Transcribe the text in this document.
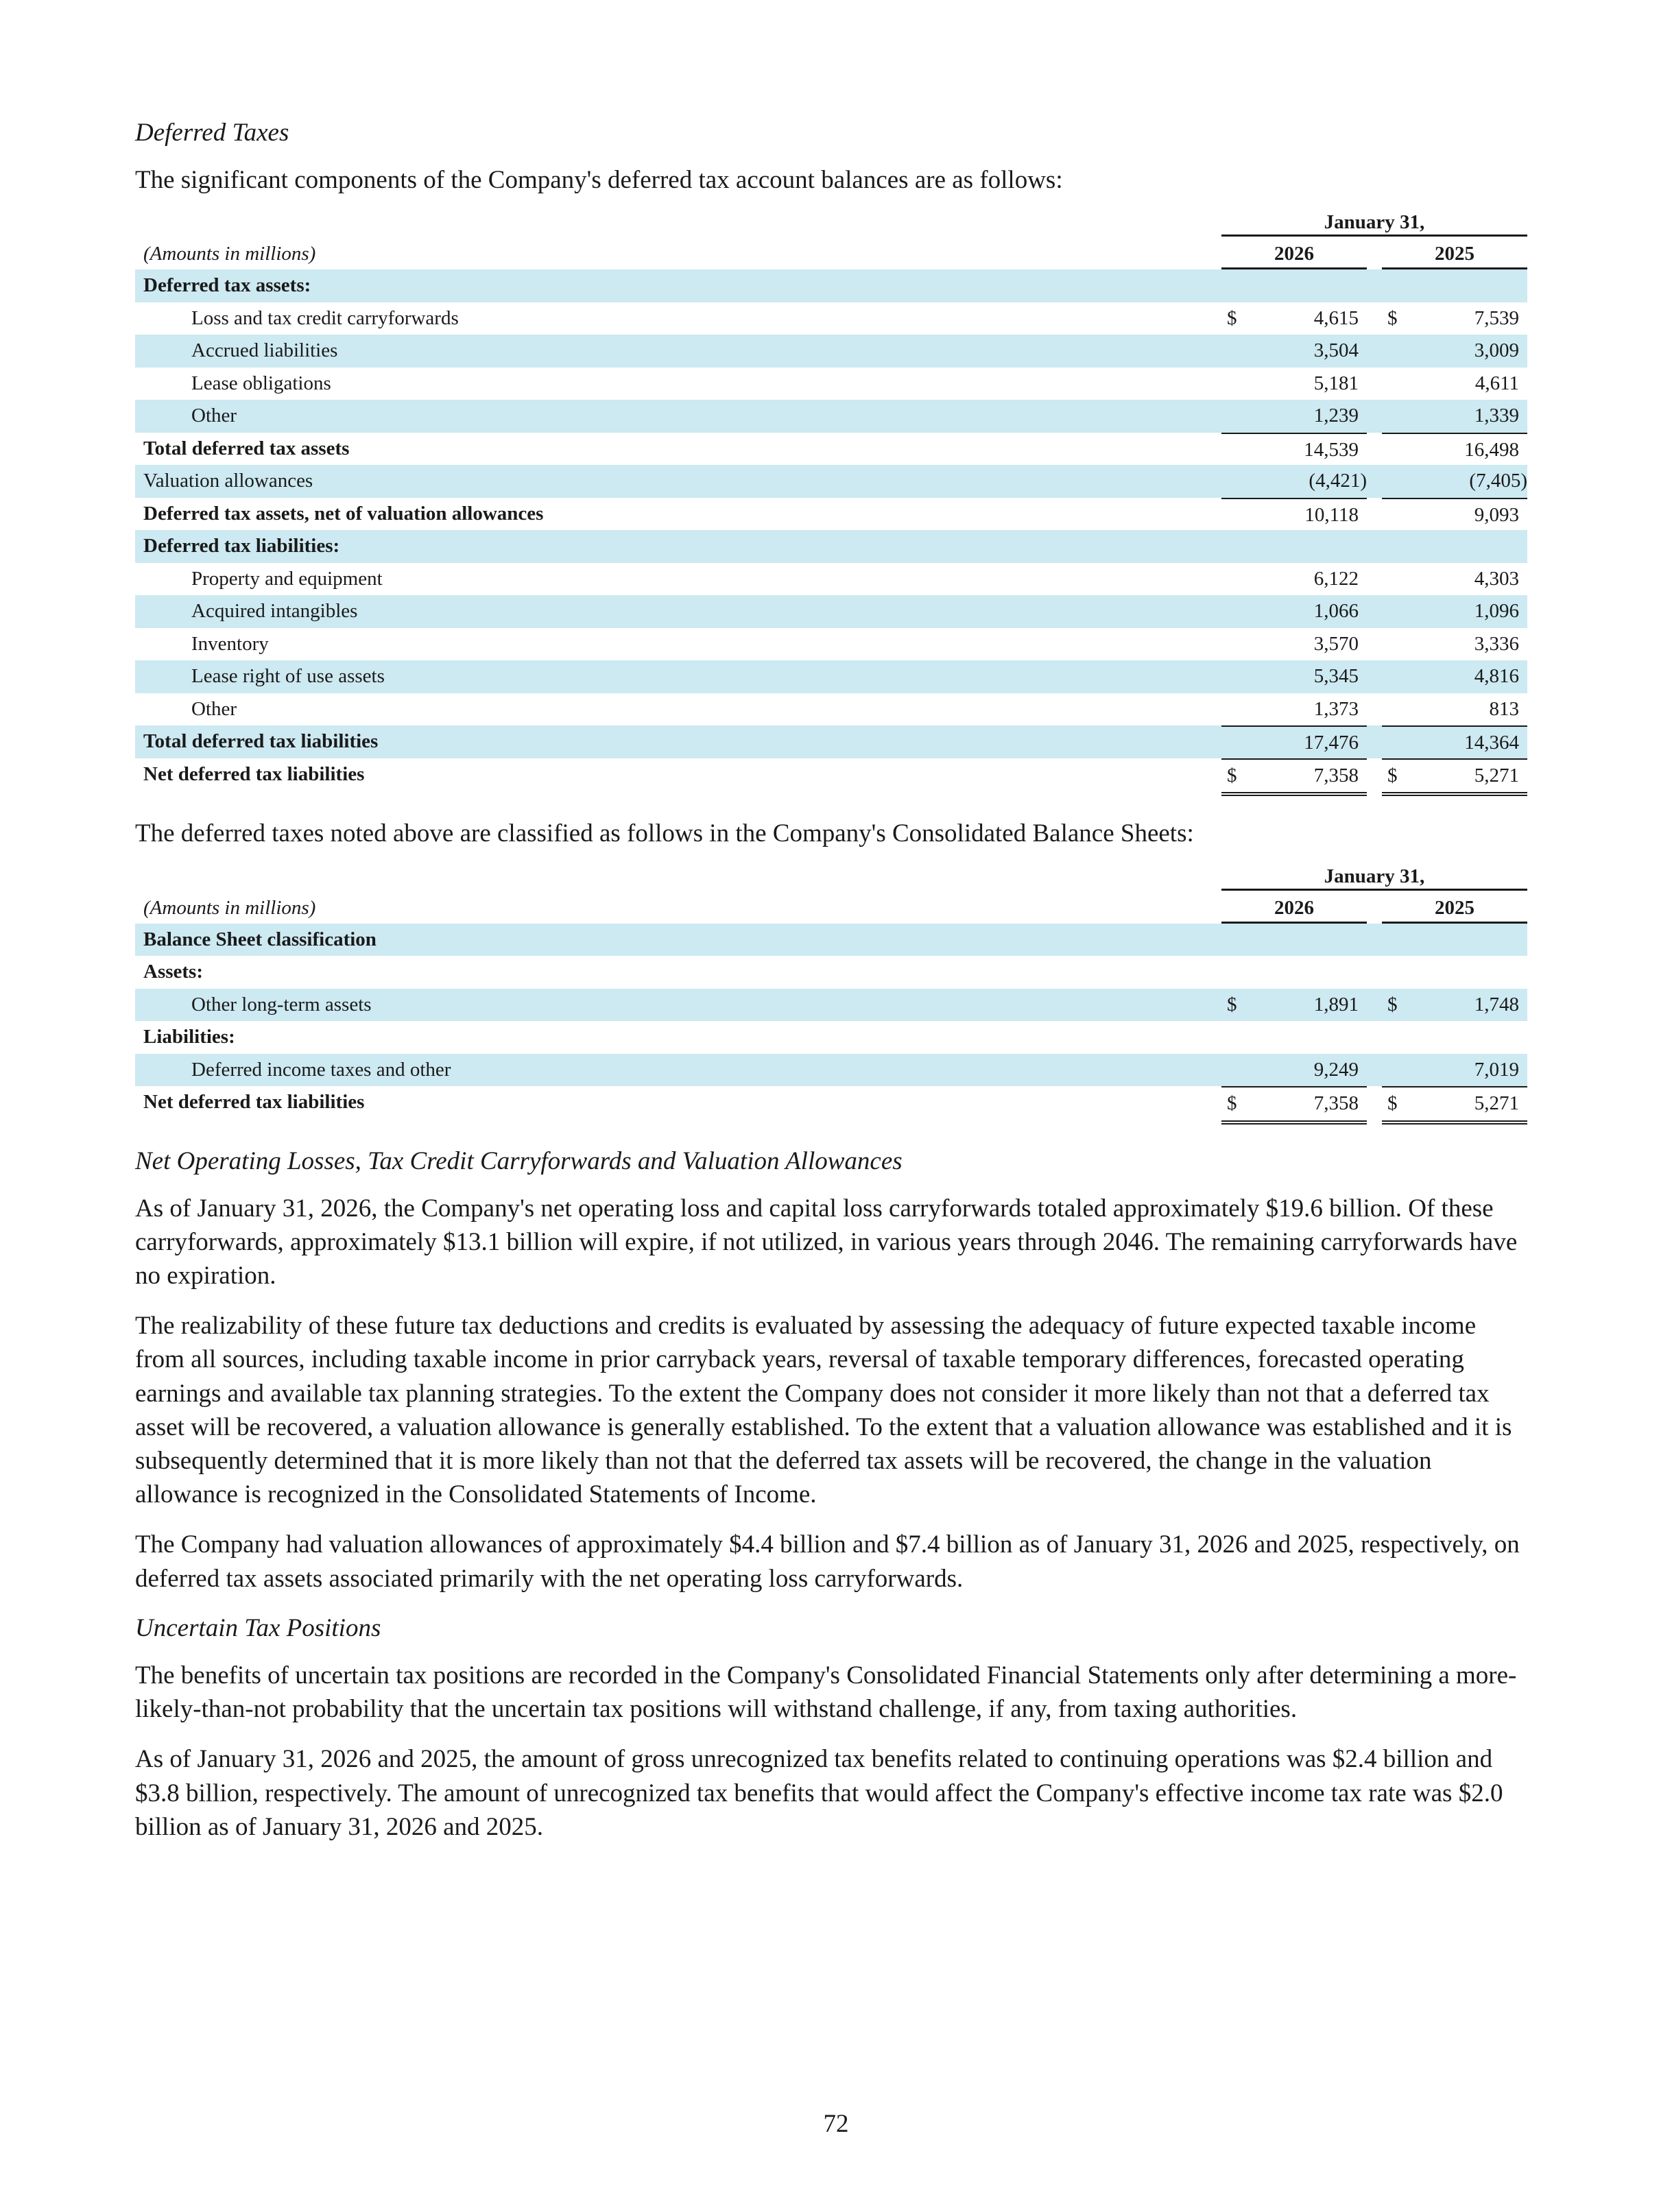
Deferred Taxes
The significant components of the Company's deferred tax account balances are as follows:
January 31,
(Amounts in millions)	2026	2025
Deferred tax assets:
Loss and tax credit carryforwards	$	4,615 $	7,539
Accrued liabilities	3,504	3,009
Lease obligations	5,181	4,611
Other	1,239	1,339
Total deferred tax assets	14,539	16,498
Valuation allowances	(4,421)	(7,405)
Deferred tax assets, net of valuation allowances	10,118	9,093
Deferred tax liabilities:
Property and equipment	6,122	4,303
Acquired intangibles	1,066	1,096
Inventory	3,570	3,336
Lease right of use assets	5,345	4,816
Other	1,373	813
Total deferred tax liabilities	17,476	14,364
Net deferred tax liabilities	$	7,358 $	5,271
The deferred taxes noted above are classified as follows in the Company's Consolidated Balance Sheets:
January 31,
(Amounts in millions)	2026	2025
Balance Sheet classification
Assets:
Other long-term assets	$	1,891 $	1,748
Liabilities:
Deferred income taxes and other	9,249	7,019
Net deferred tax liabilities	$	7,358 $	5,271
Net Operating Losses, Tax Credit Carryforwards and Valuation Allowances
As of January 31, 2026, the Company's net operating loss and capital loss carryforwards totaled approximately $19.6 billion. Of these carryforwards, approximately $13.1 billion will expire, if not utilized, in various years through 2046. The remaining carryforwards have no expiration.
The realizability of these future tax deductions and credits is evaluated by assessing the adequacy of future expected taxable income from all sources, including taxable income in prior carryback years, reversal of taxable temporary differences, forecasted operating earnings and available tax planning strategies. To the extent the Company does not consider it more likely than not that a deferred tax asset will be recovered, a valuation allowance is generally established. To the extent that a valuation allowance was established and it is subsequently determined that it is more likely than not that the deferred tax assets will be recovered, the change in the valuation allowance is recognized in the Consolidated Statements of Income.
The Company had valuation allowances of approximately $4.4 billion and $7.4 billion as of January 31, 2026 and 2025, respectively, on deferred tax assets associated primarily with the net operating loss carryforwards.
Uncertain Tax Positions
The benefits of uncertain tax positions are recorded in the Company's Consolidated Financial Statements only after determining a more-likely-than-not probability that the uncertain tax positions will withstand challenge, if any, from taxing authorities.
As of January 31, 2026 and 2025, the amount of gross unrecognized tax benefits related to continuing operations was $2.4 billion and $3.8 billion, respectively. The amount of unrecognized tax benefits that would affect the Company's effective income tax rate was $2.0 billion as of January 31, 2026 and 2025.
72
